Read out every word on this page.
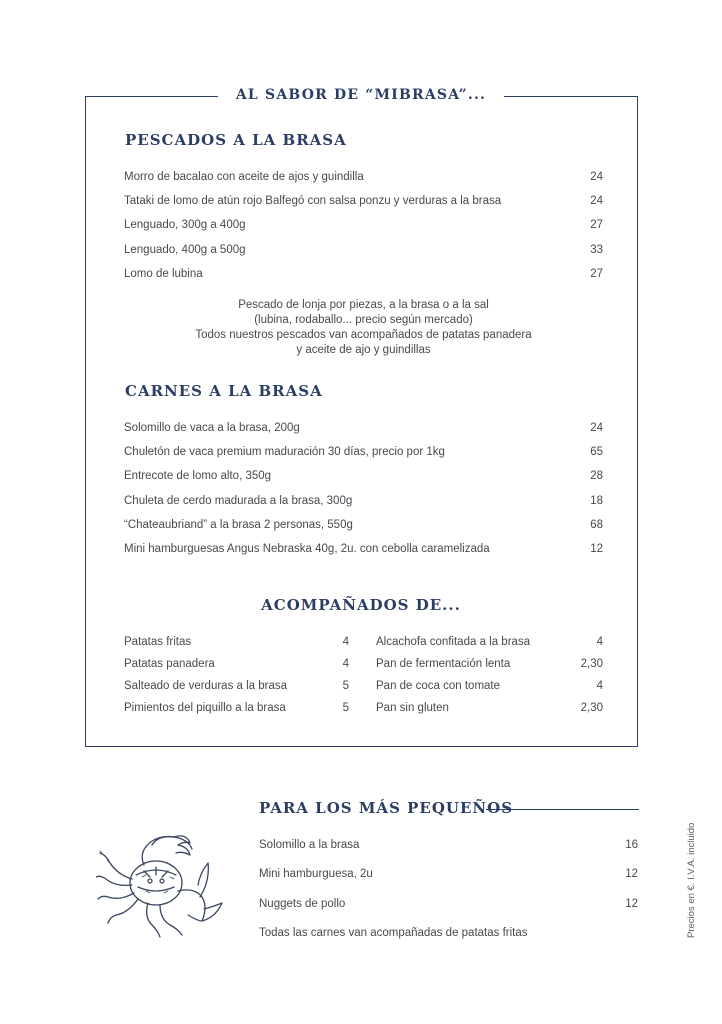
AL SABOR DE “MIBRASA”...
PESCADOS A LA BRASA
Morro de bacalao con aceite de ajos y guindilla	24
Tataki de lomo de atún rojo Balfegó con salsa ponzu y verduras a la brasa	24
Lenguado, 300g a 400g	27
Lenguado, 400g a 500g	33
Lomo de lubina	27
Pescado de lonja por piezas, a la brasa o a la sal
(lubina, rodaballo... precio según mercado)
Todos nuestros pescados van acompañados de patatas panadera
y aceite de ajo y guindillas
CARNES A LA BRASA
Solomillo de vaca a la brasa, 200g	24
Chuletón de vaca premium maduración 30 días, precio por 1kg	65
Entrecote de lomo alto, 350g	28
Chuleta de cerdo madurada a la brasa, 300g	18
“Chateaubriand” a la brasa 2 personas, 550g	68
Mini hamburguesas Angus Nebraska 40g, 2u. con cebolla caramelizada	12
ACOMPAÑADOS DE...
Patatas fritas	4
Patatas panadera	4
Salteado de verduras a la brasa	5
Pimientos del piquillo a la brasa	5
Alcachofa confitada a la brasa	4
Pan de fermentación lenta	2,30
Pan de coca con tomate	4
Pan sin gluten	2,30
PARA LOS MÁS PEQUEÑOS
Solomillo a la brasa	16
Mini hamburguesa, 2u	12
Nuggets de pollo	12
Todas las carnes van acompañadas de patatas fritas	Precios en €. I.V.A. incluido
